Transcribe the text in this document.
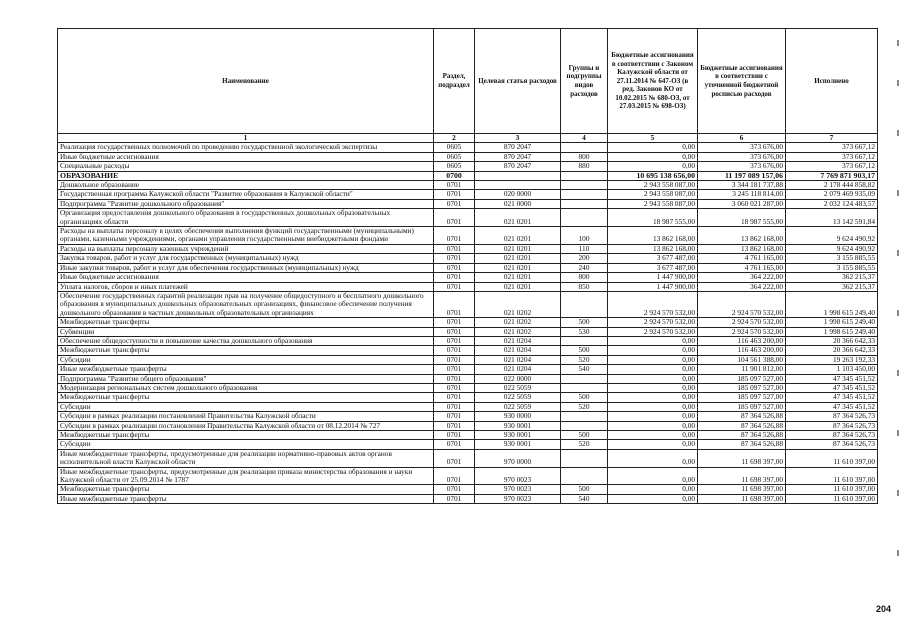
Наименование	Раздел, подраздел	Целевая статья расходов	Группы и подгруппы видов расходов	Бюджетные ассигнования в соответствии с Законом Калужской области от 27.11.2014 № 647-ОЗ (в ред. Законов КО от 10.02.2015 № 680-ОЗ, от 27.03.2015 № 698-ОЗ)	Бюджетные ассигнования в соответствии с уточненной бюджетной росписью расходов	Исполнено
1	2	3	4	5	6	7
Реализация государственных полномочий по проведению государственной экологической экспертизы	0605	870 2047		0,00	373 676,00	373 667,12
Иные бюджетные ассигнования	0605	870 2047	800	0,00	373 676,00	373 667,12
Специальные расходы	0605	870 2047	880	0,00	373 676,00	373 667,12
ОБРАЗОВАНИЕ	0700			10 695 138 656,00	11 197 089 157,06	7 769 871 903,17
Дошкольное образование	0701			2 943 558 087,00	3 344 181 737,88	2 178 444 858,82
Государственная программа Калужской области "Развитие образования в Калужской области"	0701	020 0000		2 943 558 087,00	3 245 118 814,00	2 079 469 935,09
Подпрограмма "Развитие дошкольного образования"	0701	021 0000		2 943 558 087,00	3 060 021 287,00	2 032 124 483,57
Организация предоставления дошкольного образования в государственных дошкольных образовательных организациях области	0701	021 0201		18 987 555,00	18 987 555,00	13 142 591,84
Расходы на выплаты персоналу в целях обеспечения выполнения функций государственными (муниципальными) органами, казенными учреждениями, органами управления государственными внебюджетными фондами	0701	021 0201	100	13 862 168,00	13 862 168,00	9 624 490,92
Расходы на выплаты персоналу казенных учреждений	0701	021 0201	110	13 862 168,00	13 862 168,00	9 624 490,92
Закупка товаров, работ и услуг для государственных (муниципальных) нужд	0701	021 0201	200	3 677 487,00	4 761 165,00	3 155 885,55
Иные закупки товаров, работ и услуг для обеспечения государственных (муниципальных) нужд	0701	021 0201	240	3 677 487,00	4 761 165,00	3 155 885,55
Иные бюджетные ассигнования	0701	021 0201	800	1 447 900,00	364 222,00	362 215,37
Уплата налогов, сборов и иных платежей	0701	021 0201	850	1 447 900,00	364 222,00	362 215,37
Обеспечение государственных гарантий реализации прав на получение общедоступного и бесплатного дошкольного образования в муниципальных дошкольных образовательных организациях, финансовое обеспечение получения дошкольного образования в частных дошкольных образовательных организациях	0701	021 0202		2 924 570 532,00	2 924 570 532,00	1 998 615 249,40
Межбюджетные трансферты	0701	021 0202	500	2 924 570 532,00	2 924 570 532,00	1 998 615 249,40
Субвенции	0701	021 0202	530	2 924 570 532,00	2 924 570 532,00	1 998 615 249,40
Обеспечение общедоступности и повышение качества дошкольного образования	0701	021 0204		0,00	116 463 200,00	20 366 642,33
Межбюджетные трансферты	0701	021 0204	500	0,00	116 463 200,00	20 366 642,33
Субсидии	0701	021 0204	520	0,00	104 561 388,00	19 263 192,33
Иные межбюджетные трансферты	0701	021 0204	540	0,00	11 901 812,00	1 103 450,00
Подпрограмма "Развитие общего образования"	0701	022 0000		0,00	185 097 527,00	47 345 451,52
Модернизация региональных систем дошкольного образования	0701	022 5059		0,00	185 097 527,00	47 345 451,52
Межбюджетные трансферты	0701	022 5059	500	0,00	185 097 527,00	47 345 451,52
Субсидии	0701	022 5059	520	0,00	185 097 527,00	47 345 451,52
Субсидии в рамках реализации постановлений Правительства Калужской области	0701	930 0000		0,00	87 364 526,88	87 364 526,73
Субсидии в рамках реализации постановления Правительства Калужской области от 08.12.2014 № 727	0701	930 0001		0,00	87 364 526,88	87 364 526,73
Межбюджетные трансферты	0701	930 0001	500	0,00	87 364 526,88	87 364 526,73
Субсидии	0701	930 0001	520	0,00	87 364 526,88	87 364 526,73
Иные межбюджетные трансферты, предусмотренные для реализации нормативно-правовых актов органов исполнительной власти Калужской области	0701	970 0000		0,00	11 698 397,00	11 610 397,00
Иные межбюджетные трансферты, предусмотренные для реализации приказа министерства образования и науки Калужской области от 25.09.2014 № 1787	0701	970 0023		0,00	11 698 397,00	11 610 397,00
Межбюджетные трансферты	0701	970 0023	500	0,00	11 698 397,00	11 610 397,00
Иные межбюджетные трансферты	0701	970 0023	540	0,00	11 698 397,00	11 610 397,00
204
